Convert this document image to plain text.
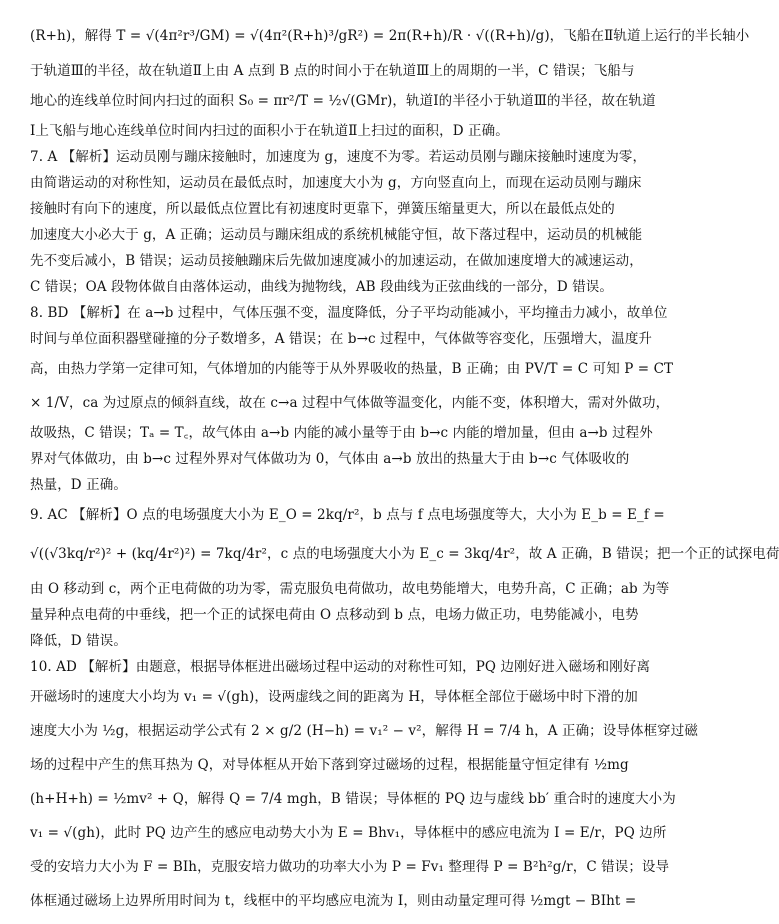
(R+h)，解得 T = √(4π²r³/GM) = √(4π²(R+h)³/gR²) = 2π(R+h)/R · √((R+h)/g)，飞船在Ⅱ轨道上运行的半长轴小
于轨道Ⅲ的半径，故在轨道Ⅱ上由 A 点到 B 点的时间小于在轨道Ⅲ上的周期的一半，C 错误；飞船与
地心的连线单位时间内扫过的面积 S₀ = πr²/T = ½√(GMr)，轨道Ⅰ的半径小于轨道Ⅲ的半径，故在轨道
Ⅰ上飞船与地心连线单位时间内扫过的面积小于在轨道Ⅱ上扫过的面积，D 正确。
7. A 【解析】运动员刚与蹦床接触时，加速度为 g，速度不为零。若运动员刚与蹦床接触时速度为零，
由简谐运动的对称性知，运动员在最低点时，加速度大小为 g，方向竖直向上，而现在运动员刚与蹦床
接触时有向下的速度，所以最低点位置比有初速度时更靠下，弹簧压缩量更大，所以在最低点处的
加速度大小必大于 g，A 正确；运动员与蹦床组成的系统机械能守恒，故下落过程中，运动员的机械能
先不变后减小，B 错误；运动员接触蹦床后先做加速度减小的加速运动，在做加速度增大的减速运动，
C 错误；OA 段物体做自由落体运动，曲线为抛物线，AB 段曲线为正弦曲线的一部分，D 错误。
8. BD 【解析】在 a→b 过程中，气体压强不变，温度降低，分子平均动能减小，平均撞击力减小，故单位
时间与单位面积器壁碰撞的分子数增多，A 错误；在 b→c 过程中，气体做等容变化，压强增大，温度升
高，由热力学第一定律可知，气体增加的内能等于从外界吸收的热量，B 正确；由 PV/T = C 可知 P = CT
× 1/V，ca 为过原点的倾斜直线，故在 c→a 过程中气体做等温变化，内能不变，体积增大，需对外做功，
故吸热，C 错误；Tₐ = T꜀，故气体由 a→b 内能的减小量等于由 b→c 内能的增加量，但由 a→b 过程外
界对气体做功，由 b→c 过程外界对气体做功为 0，气体由 a→b 放出的热量大于由 b→c 气体吸收的
热量，D 正确。
9. AC 【解析】O 点的电场强度大小为 E_O = 2kq/r²，b 点与 f 点电场强度等大，大小为 E_b = E_f =
√((√3kq/r²)² + (kq/4r²)²) = 7kq/4r²，c 点的电场强度大小为 E_c = 3kq/4r²，故 A 正确，B 错误；把一个正的试探电荷
由 O 移动到 c，两个正电荷做的功为零，需克服负电荷做功，故电势能增大，电势升高，C 正确；ab 为等
量异种点电荷的中垂线，把一个正的试探电荷由 O 点移动到 b 点，电场力做正功，电势能减小，电势
降低，D 错误。
10. AD 【解析】由题意，根据导体框进出磁场过程中运动的对称性可知，PQ 边刚好进入磁场和刚好离
开磁场时的速度大小均为 v₁ = √(gh)，设两虚线之间的距离为 H，导体框全部位于磁场中时下滑的加
速度大小为 ½g，根据运动学公式有 2 × g/2 (H−h) = v₁² − v²，解得 H = 7/4 h，A 正确；设导体框穿过磁
场的过程中产生的焦耳热为 Q，对导体框从开始下落到穿过磁场的过程，根据能量守恒定律有 ½mg
(h+H+h) = ½mv² + Q，解得 Q = 7/4 mgh，B 错误；导体框的 PQ 边与虚线 bb′ 重合时的速度大小为
v₁ = √(gh)，此时 PQ 边产生的感应电动势大小为 E = Bhv₁，导体框中的感应电流为 I = E/r，PQ 边所
受的安培力大小为 F = BIh，克服安培力做功的功率大小为 P = Fv₁ 整理得 P = B²h²g/r，C 错误；设导
体框通过磁场上边界所用时间为 t，线框中的平均感应电流为 I，则由动量定理可得 ½mgt − BIht =
